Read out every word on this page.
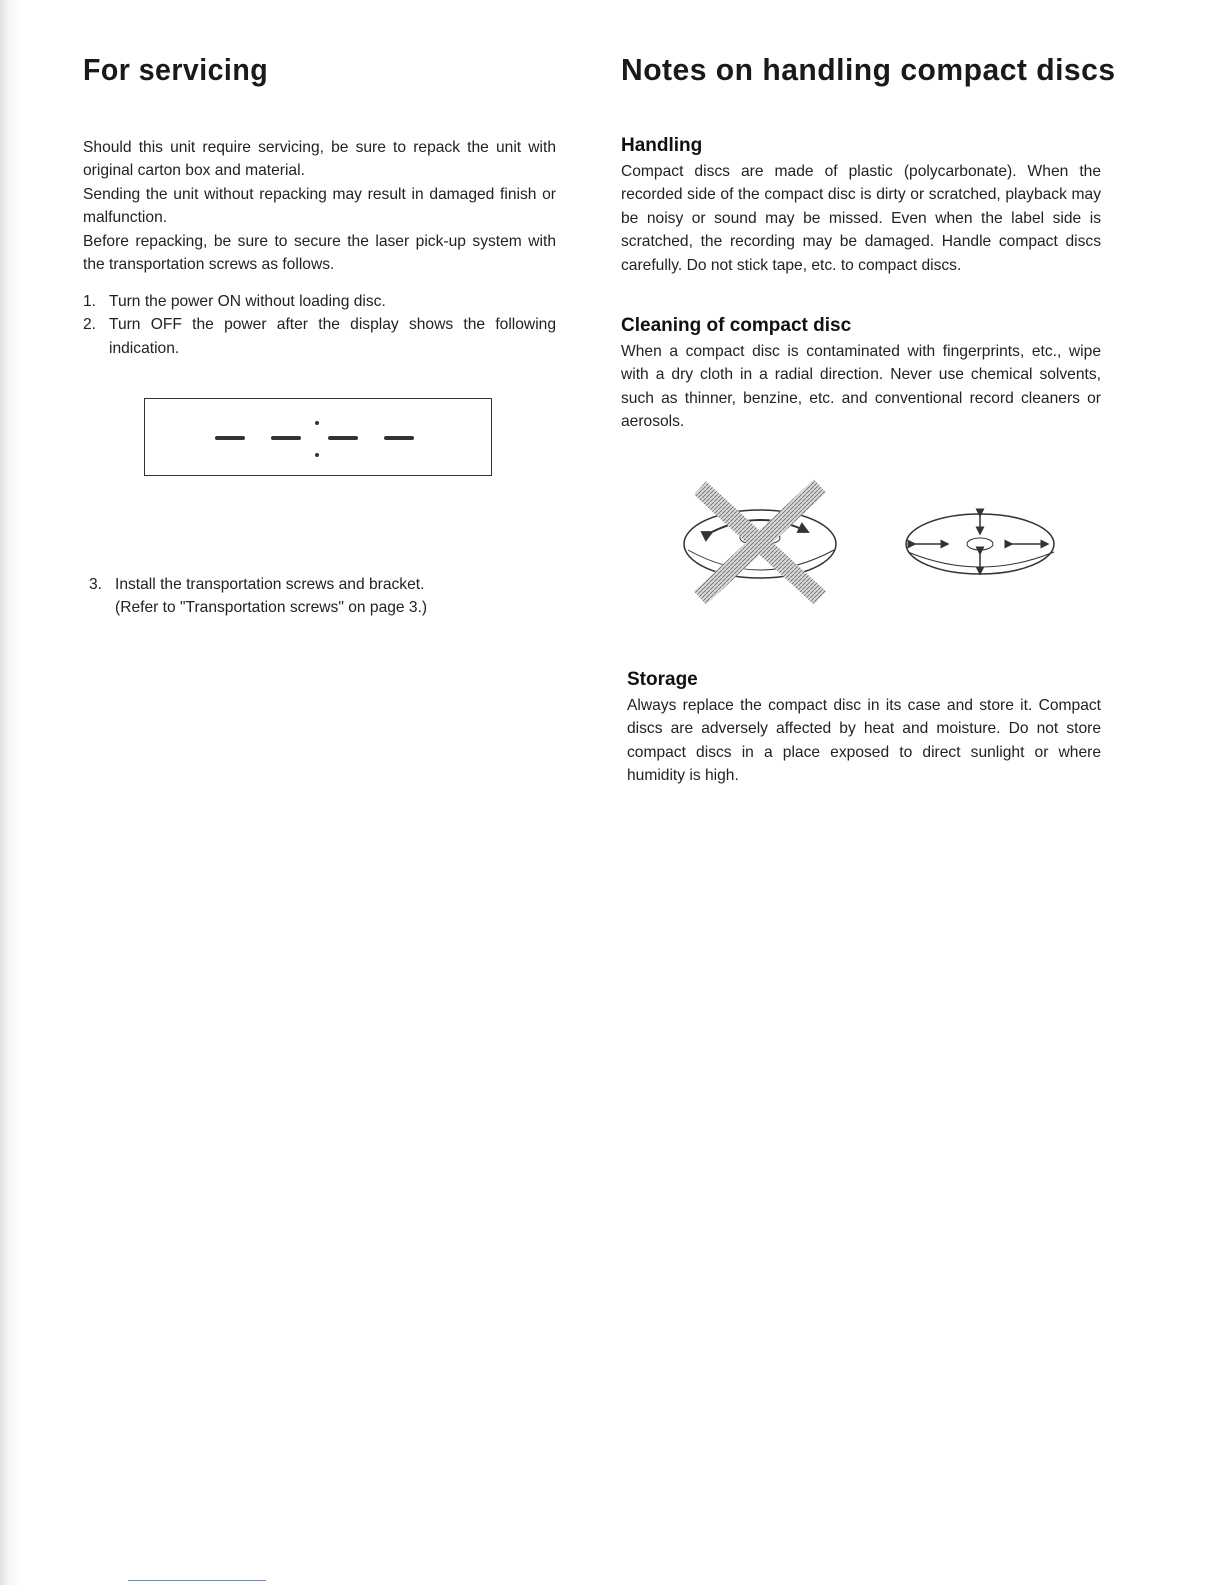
For servicing

Should this unit require servicing, be sure to repack the unit with original carton box and material.

Sending the unit without repacking may result in damaged finish or malfunction.

Before repacking, be sure to secure the laser pick-up system with the transportation screws as follows.

1. Turn the power ON without loading disc.
2. Turn OFF the power after the display shows the following indication.
3. Install the transportation screws and bracket.
(Refer to "Transportation screws" on page 3.)
Notes on handling compact discs
Handling

Compact discs are made of plastic (polycarbonate). When the recorded side of the compact disc is dirty or scratched, playback may be noisy or sound may be missed. Even when the label side is scratched, the recording may be damaged. Handle compact discs carefully. Do not stick tape, etc. to compact discs.

Cleaning of compact disc

When a compact disc is contaminated with fingerprints, etc., wipe with a dry cloth in a radial direction. Never use chemical solvents, such as thinner, benzine, etc. and conventional record cleaners or aerosols.

Storage

Always replace the compact disc in its case and store it. Compact discs are adversely affected by heat and moisture. Do not store compact discs in a place exposed to direct sunlight or where humidity is high.
